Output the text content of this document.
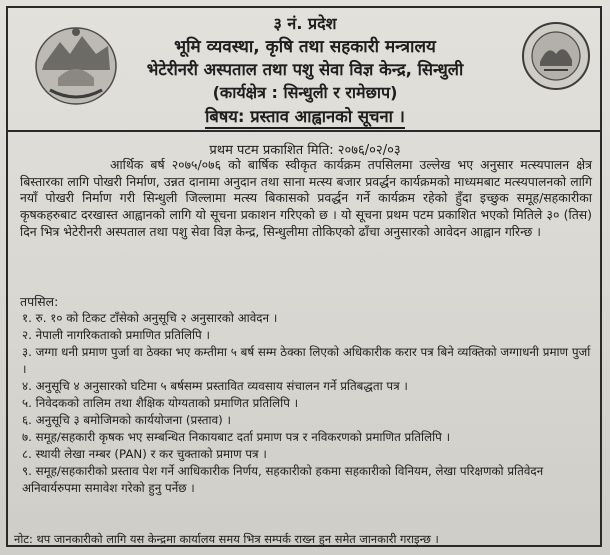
३ नं. प्रदेश
भूमि व्यवस्था, कृषि तथा सहकारी मन्त्रालय
भेटेरीनरी अस्पताल तथा पशु सेवा विज्ञ केन्द्र, सिन्धुली
(कार्यक्षेत्र : सिन्धुली र रामेछाप)
बिषय: प्रस्ताव आह्वानको सूचना ।
प्रथम पटम प्रकाशित मिति: २०७६/०२/०३
आर्थिक बर्ष २०७५/०७६ को बार्षिक स्वीकृत कार्यक्रम तपसिलमा उल्लेख भए अनुसार मत्स्यपालन क्षेत्र बिस्तारका लागि पोखरी निर्माण, उन्नत दानामा अनुदान तथा साना मत्स्य बजार प्रवर्द्धन कार्यक्रमको माध्यमबाट मत्स्यपालनको लागि नयाँ पोखरी निर्माण गरी सिन्धुली जिल्लामा मत्स्य बिकासको प्रवर्द्धन गर्ने कार्यक्रम रहेको हुँदा इच्छुक समूह/सहकारीका कृषकहरुबाट दरखास्त आह्वानको लागि यो सूचना प्रकाशन गरिएको छ । यो सूचना प्रथम पटम प्रकाशित भएको मितिले ३० (तिस) दिन भित्र भेटेरीनरी अस्पताल तथा पशु सेवा विज्ञ केन्द्र, सिन्धुलीमा तोकिएको ढाँचा अनुसारको आवेदन आह्वान गरिन्छ ।
तपसिल:
१. रु. १० को टिकट टाँसेको अनुसूचि २ अनुसारको आवेदन ।
२. नेपाली नागरिकताको प्रमाणित प्रतिलिपि ।
३. जग्गा धनी प्रमाण पुर्जा वा ठेक्का भए कम्तीमा ५ बर्ष सम्म ठेक्का लिएको अधिकारीक करार पत्र बिने व्यक्तिको जग्गाधनी प्रमाण पुर्जा ।
४. अनुसूचि ४ अनुसारको घटिमा ५ बर्षसम्म प्रस्तावित व्यवसाय संचालन गर्ने प्रतिबद्धता पत्र ।
५. निवेदकको तालिम तथा शैक्षिक योग्यताको प्रमाणित प्रतिलिपि ।
६. अनुसूचि ३ बमोजिमको कार्ययोजना (प्रस्ताव) ।
७. समूह/सहकारी कृषक भए सम्बन्धित निकायबाट दर्ता प्रमाण पत्र र नविकरणको प्रमाणित प्रतिलिपि ।
८. स्थायी लेखा नम्बर (PAN) र कर चुक्ताको प्रमाण पत्र ।
९. समूह/सहकारीको प्रस्ताव पेश गर्ने आधिकारीक निर्णय, सहकारीको हकमा सहकारीको विनियम, लेखा परिक्षणको प्रतिवेदन अनिवार्यरुपमा समावेश गरेको हुनु पर्नेछ ।
नोट: थप जानकारीको लागि यस केन्द्रमा कार्यालय समय भित्र सम्पर्क राख्न हुन समेत जानकारी गराइन्छ ।
